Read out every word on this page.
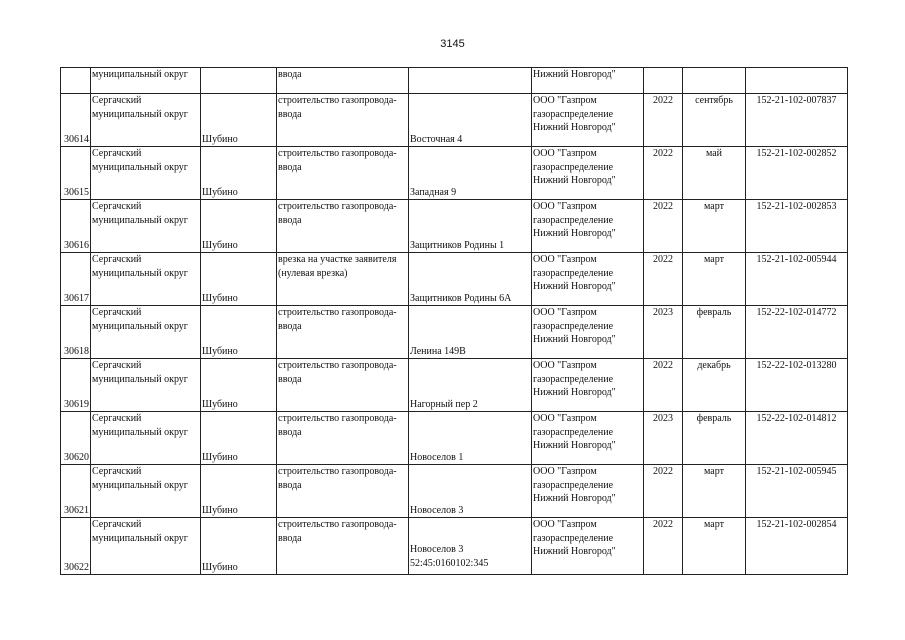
3145

	муниципальный округ		ввода		Нижний Новгород"			

30614	Сергачский
муниципальный округ	Шубино	строительство газопровода-
ввода	Восточная 4	ООО "Газпром
газораспределение
Нижний Новгород"	2022	сентябрь	152-21-102-007837
30615	Сергачский
муниципальный округ	Шубино	строительство газопровода-
ввода	Западная 9	ООО "Газпром
газораспределение
Нижний Новгород"	2022	май	152-21-102-002852
30616	Сергачский
муниципальный округ	Шубино	строительство газопровода-
ввода	Защитников Родины 1	ООО "Газпром
газораспределение
Нижний Новгород"	2022	март	152-21-102-002853
30617	Сергачский
муниципальный округ	Шубино	врезка на участке заявителя
(нулевая врезка)	Защитников Родины 6А	ООО "Газпром
газораспределение
Нижний Новгород"	2022	март	152-21-102-005944
30618	Сергачский
муниципальный округ	Шубино	строительство газопровода-
ввода	Ленина 149В	ООО "Газпром
газораспределение
Нижний Новгород"	2023	февраль	152-22-102-014772
30619	Сергачский
муниципальный округ	Шубино	строительство газопровода-
ввода	Нагорный пер 2	ООО "Газпром
газораспределение
Нижний Новгород"	2022	декабрь	152-22-102-013280
30620	Сергачский
муниципальный округ	Шубино	строительство газопровода-
ввода	Новоселов 1	ООО "Газпром
газораспределение
Нижний Новгород"	2023	февраль	152-22-102-014812
30621	Сергачский
муниципальный округ	Шубино	строительство газопровода-
ввода	Новоселов 3	ООО "Газпром
газораспределение
Нижний Новгород"	2022	март	152-21-102-005945
30622	Сергачский
муниципальный округ	Шубино	строительство газопровода-
ввода	Новоселов 3
52:45:0160102:345	ООО "Газпром
газораспределение
Нижний Новгород"	2022	март	152-21-102-002854
